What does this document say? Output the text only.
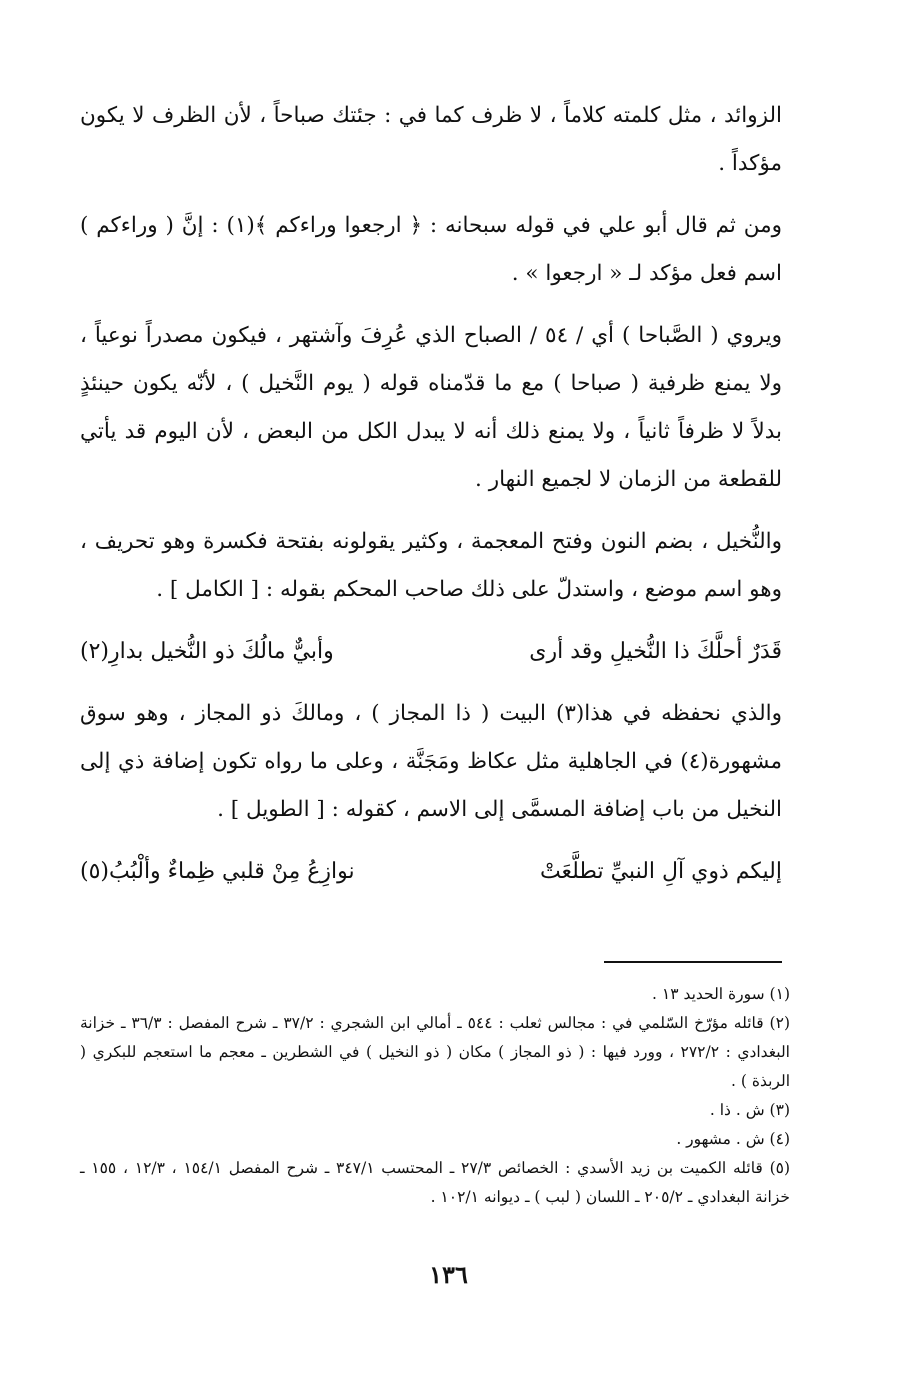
الزوائد ، مثل كلمته كلاماً ، لا ظرف كما في : جئتك صباحاً ، لأن الظرف لا يكون مؤكداً .

ومن ثم قال أبو علي في قوله سبحانه : ﴿ ارجعوا وراءكم ﴾(١) : إنَّ ( وراءكم ) اسم فعل مؤكد لـ « ارجعوا » .

ويروي ( الصَّباحا ) أي / ٥٤ / الصباح الذي عُرِفَ وآشتهر ، فيكون مصدراً نوعياً ، ولا يمنع ظرفية ( صباحا ) مع ما قدّمناه قوله ( يوم النَّخيل ) ، لأنّه يكون حينئذٍ بدلاً لا ظرفاً ثانياً ، ولا يمنع ذلك أنه لا يبدل الكل من البعض ، لأن اليوم قد يأتي للقطعة من الزمان لا لجميع النهار .

والنُّخيل ، بضم النون وفتح المعجمة ، وكثير يقولونه بفتحة فكسرة وهو تحريف ، وهو اسم موضع ، واستدلّ على ذلك صاحب المحكم بقوله : [ الكامل ] .

قَدَرٌ أحلَّكَ ذا النُّخيلِ وقد أرى
وأبيٌّ مالُكَ ذو النُّخيل بدارِ(٢)

والذي نحفظه في هذا(٣) البيت ( ذا المجاز ) ، ومالكَ ذو المجاز ، وهو سوق مشهورة(٤) في الجاهلية مثل عكاظ ومَجَنَّة ، وعلى ما رواه تكون إضافة ذي إلى النخيل من باب إضافة المسمَّى إلى الاسم ، كقوله : [ الطويل ] .

إليكم ذوي آلِ النبيِّ تطلَّعَتْ
نوازِعُ مِنْ قلبي ظِماءٌ وألْبُبُ(٥)

(١) سورة الحديد ١٣ .

(٢) قائله مؤرّخ السّلمي في : مجالس ثعلب : ٥٤٤ ـ أمالي ابن الشجري : ٣٧/٢ ـ شرح المفصل : ٣٦/٣ ـ خزانة البغدادي : ٢٧٢/٢ ، وورد فيها : ( ذو المجاز ) مكان ( ذو النخيل ) في الشطرين ـ معجم ما استعجم للبكري ( الربذة ) .

(٣) ش . ذا .

(٤) ش . مشهور .

(٥) قائله الكميت بن زيد الأسدي : الخصائص ٢٧/٣ ـ المحتسب ٣٤٧/١ ـ شرح المفصل ١٥٤/١ ، ١٢/٣ ، ١٥٥ ـ خزانة البغدادي ـ ٢٠٥/٢ ـ اللسان ( لبب ) ـ ديوانه ١٠٢/١ .

١٣٦
